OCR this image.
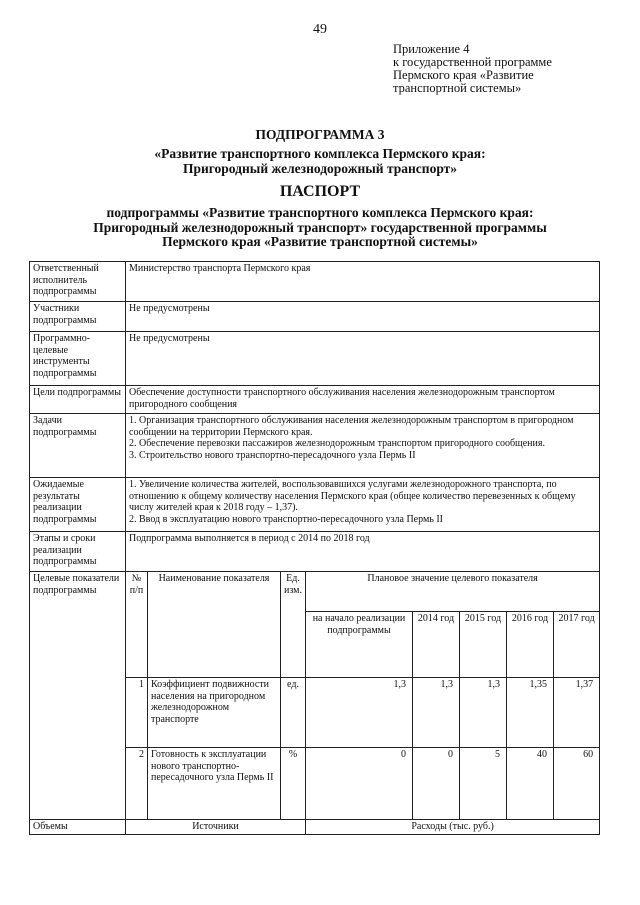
49
Приложение 4
к государственной программе
Пермского края «Развитие
транспортной системы»
ПОДПРОГРАММА 3
«Развитие транспортного комплекса Пермского края:
Пригородный железнодорожный транспорт»
ПАСПОРТ
подпрограммы «Развитие транспортного комплекса Пермского края:
Пригородный железнодорожный транспорт» государственной программы
Пермского края «Развитие транспортной системы»
Ответственный исполнитель подпрограммы	Министерство транспорта Пермского края								
Участники подпрограммы	Не предусмотрены								
Программно-целевые инструменты подпрограммы	Не предусмотрены								
Цели подпрограммы	Обеспечение доступности транспортного обслуживания населения железнодорожным транспортом пригородного сообщения								
Задачи подпрограммы	1. Организация транспортного обслуживания населения железнодорожным транспортом в пригородном сообщении на территории Пермского края.
2. Обеспечение перевозки пассажиров железнодорожным транспортом пригородного сообщения.
3. Строительство нового транспортно-пересадочного узла Пермь II								

Ожидаемые результаты реализации подпрограммы	1. Увеличение количества жителей, воспользовавшихся услугами железнодорожного транспорта, по отношению к общему количеству населения Пермского края (общее количество перевезенных к общему числу жителей края к 2018 году – 1,37).
2. Ввод в эксплуатацию нового транспортно-пересадочного узла Пермь II								

Этапы и сроки реализации подпрограммы	Подпрограмма выполняется в период с 2014 по 2018 год								
Целевые показатели подпрограммы	№ п/п	Наименование показателя	Ед. изм.	Плановое значение целевого показателя					
				на начало реализации подпрограммы	2014 год	2015 год	2016 год	2017 год	
	1	Коэффициент подвижности населения на пригородном железнодорожном транспорте	ед.	1,3	1,3	1,3	1,35	1,37	
	2	Готовность к эксплуатации нового транспортно-пересадочного узла Пермь II	%	0	0	5	40	60	
Объемы	Источники			Расходы (тыс. руб.)					
